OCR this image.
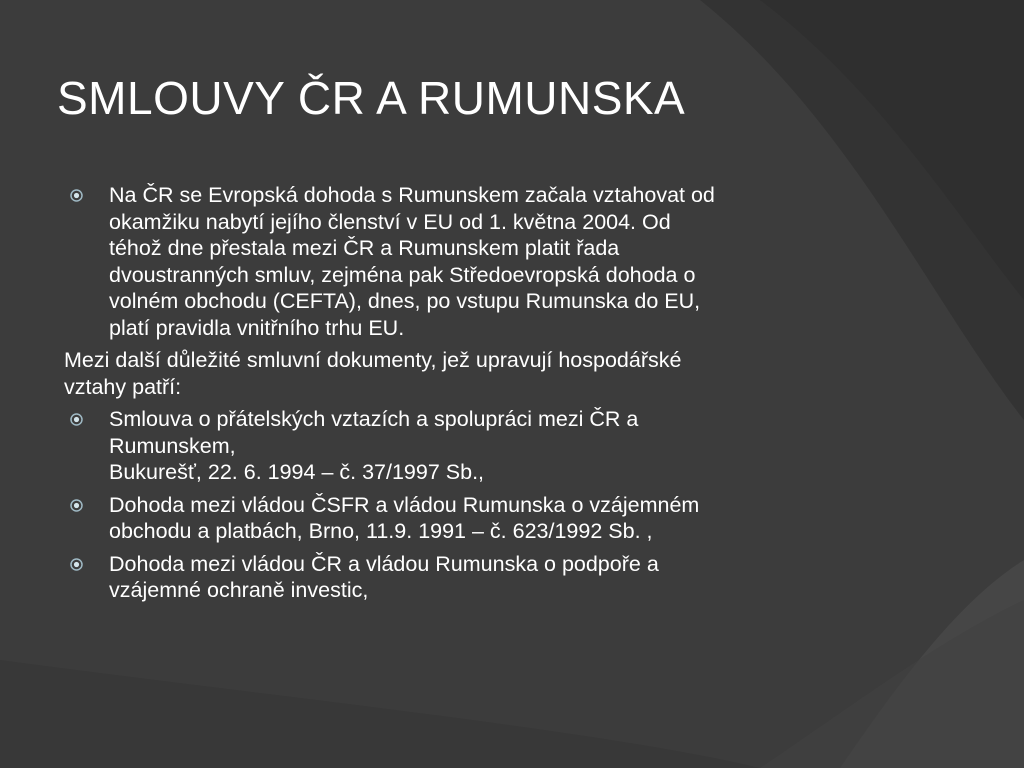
SMLOUVY ČR A RUMUNSKA
Na ČR se Evropská dohoda s Rumunskem začala vztahovat od
okamžiku nabytí jejího členství v EU od 1. května 2004. Od
téhož dne přestala mezi ČR a Rumunskem platit řada
dvoustranných smluv, zejména pak Středoevropská dohoda o
volném obchodu (CEFTA), dnes, po vstupu Rumunska do EU,
platí pravidla vnitřního trhu EU.
Mezi další důležité smluvní dokumenty, jež upravují hospodářské
vztahy patří:
Smlouva o přátelských vztazích a spolupráci mezi ČR a
Rumunskem,
Bukurešť, 22. 6. 1994 – č. 37/1997 Sb.,
Dohoda mezi vládou ČSFR a vládou Rumunska o vzájemném
obchodu a platbách, Brno, 11.9. 1991 – č. 623/1992 Sb. ,
Dohoda mezi vládou ČR a vládou Rumunska o podpoře a
vzájemné ochraně investic,
